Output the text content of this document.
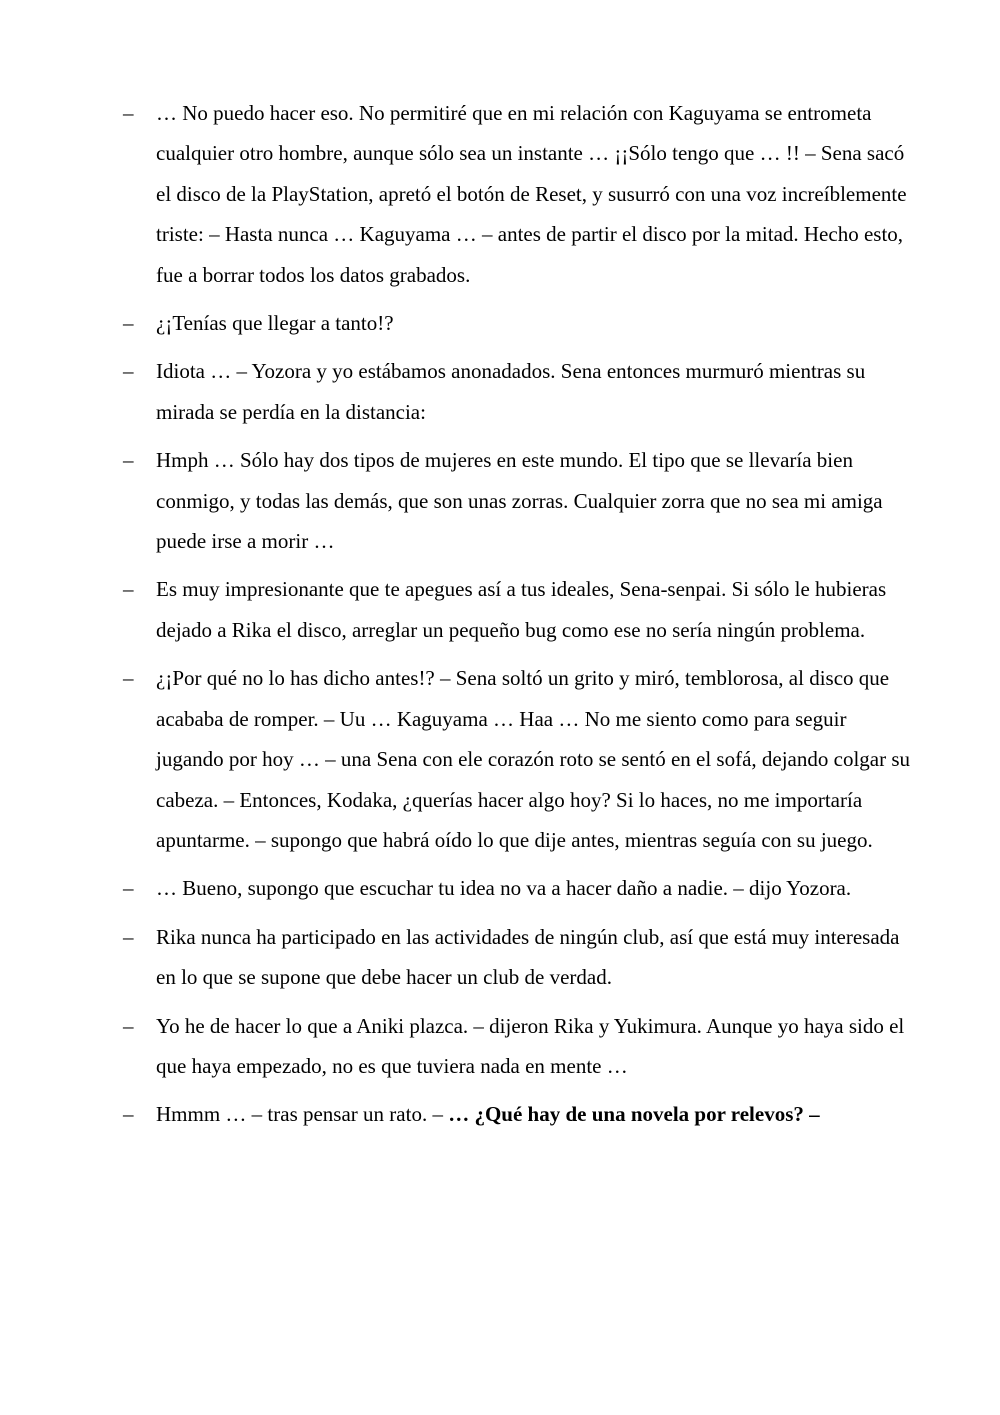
– … No puedo hacer eso. No permitiré que en mi relación con Kaguyama se entrometa cualquier otro hombre, aunque sólo sea un instante … ¡¡Sólo tengo que … !! – Sena sacó el disco de la PlayStation, apretó el botón de Reset, y susurró con una voz increíblemente triste: – Hasta nunca … Kaguyama … – antes de partir el disco por la mitad. Hecho esto, fue a borrar todos los datos grabados.
– ¿¡Tenías que llegar a tanto!?
– Idiota … – Yozora y yo estábamos anonadados. Sena entonces murmuró mientras su mirada se perdía en la distancia:
– Hmph … Sólo hay dos tipos de mujeres en este mundo. El tipo que se llevaría bien conmigo, y todas las demás, que son unas zorras. Cualquier zorra que no sea mi amiga puede irse a morir …
– Es muy impresionante que te apegues así a tus ideales, Sena-senpai. Si sólo le hubieras dejado a Rika el disco, arreglar un pequeño bug como ese no sería ningún problema.
– ¿¡Por qué no lo has dicho antes!? – Sena soltó un grito y miró, temblorosa, al disco que acababa de romper. – Uu … Kaguyama … Haa … No me siento como para seguir jugando por hoy … – una Sena con ele corazón roto se sentó en el sofá, dejando colgar su cabeza. – Entonces, Kodaka, ¿querías hacer algo hoy? Si lo haces, no me importaría apuntarme. – supongo que habrá oído lo que dije antes, mientras seguía con su juego.
– … Bueno, supongo que escuchar tu idea no va a hacer daño a nadie. – dijo Yozora.
– Rika nunca ha participado en las actividades de ningún club, así que está muy interesada en lo que se supone que debe hacer un club de verdad.
– Yo he de hacer lo que a Aniki plazca. – dijeron Rika y Yukimura. Aunque yo haya sido el que haya empezado, no es que tuviera nada en mente …
– Hmmm … – tras pensar un rato. – … ¿Qué hay de una novela por relevos? –
